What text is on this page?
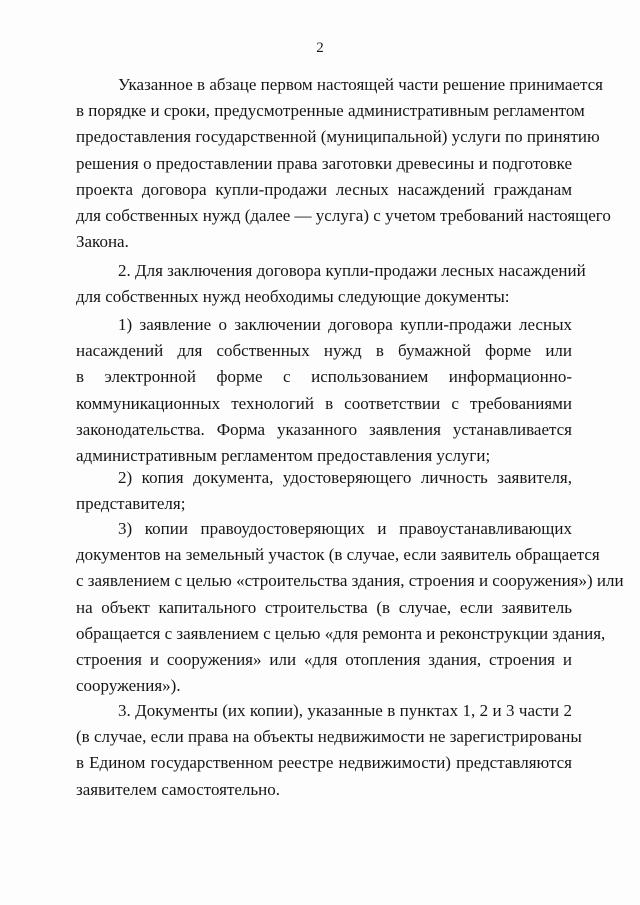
2
Указанное в абзаце первом настоящей части решение принимается
в порядке и сроки, предусмотренные административным регламентом
предоставления государственной (муниципальной) услуги по принятию
решения о предоставлении права заготовки древесины и подготовке
проекта договора купли-продажи лесных насаждений гражданам
для собственных нужд (далее — услуга) с учетом требований настоящего
Закона.
2. Для заключения договора купли-продажи лесных насаждений
для собственных нужд необходимы следующие документы:
1) заявление о заключении договора купли-продажи лесных
насаждений для собственных нужд в бумажной форме или
в электронной форме с использованием информационно-
коммуникационных технологий в соответствии с требованиями
законодательства. Форма указанного заявления устанавливается
административным регламентом предоставления услуги;
2) копия документа, удостоверяющего личность заявителя,
представителя;
3) копии правоудостоверяющих и правоустанавливающих
документов на земельный участок (в случае, если заявитель обращается
с заявлением с целью «строительства здания, строения и сооружения») или
на объект капитального строительства (в случае, если заявитель
обращается с заявлением с целью «для ремонта и реконструкции здания,
строения и сооружения» или «для отопления здания, строения и
сооружения»).
3. Документы (их копии), указанные в пунктах 1, 2 и 3 части 2
(в случае, если права на объекты недвижимости не зарегистрированы
в Едином государственном реестре недвижимости) представляются
заявителем самостоятельно.
